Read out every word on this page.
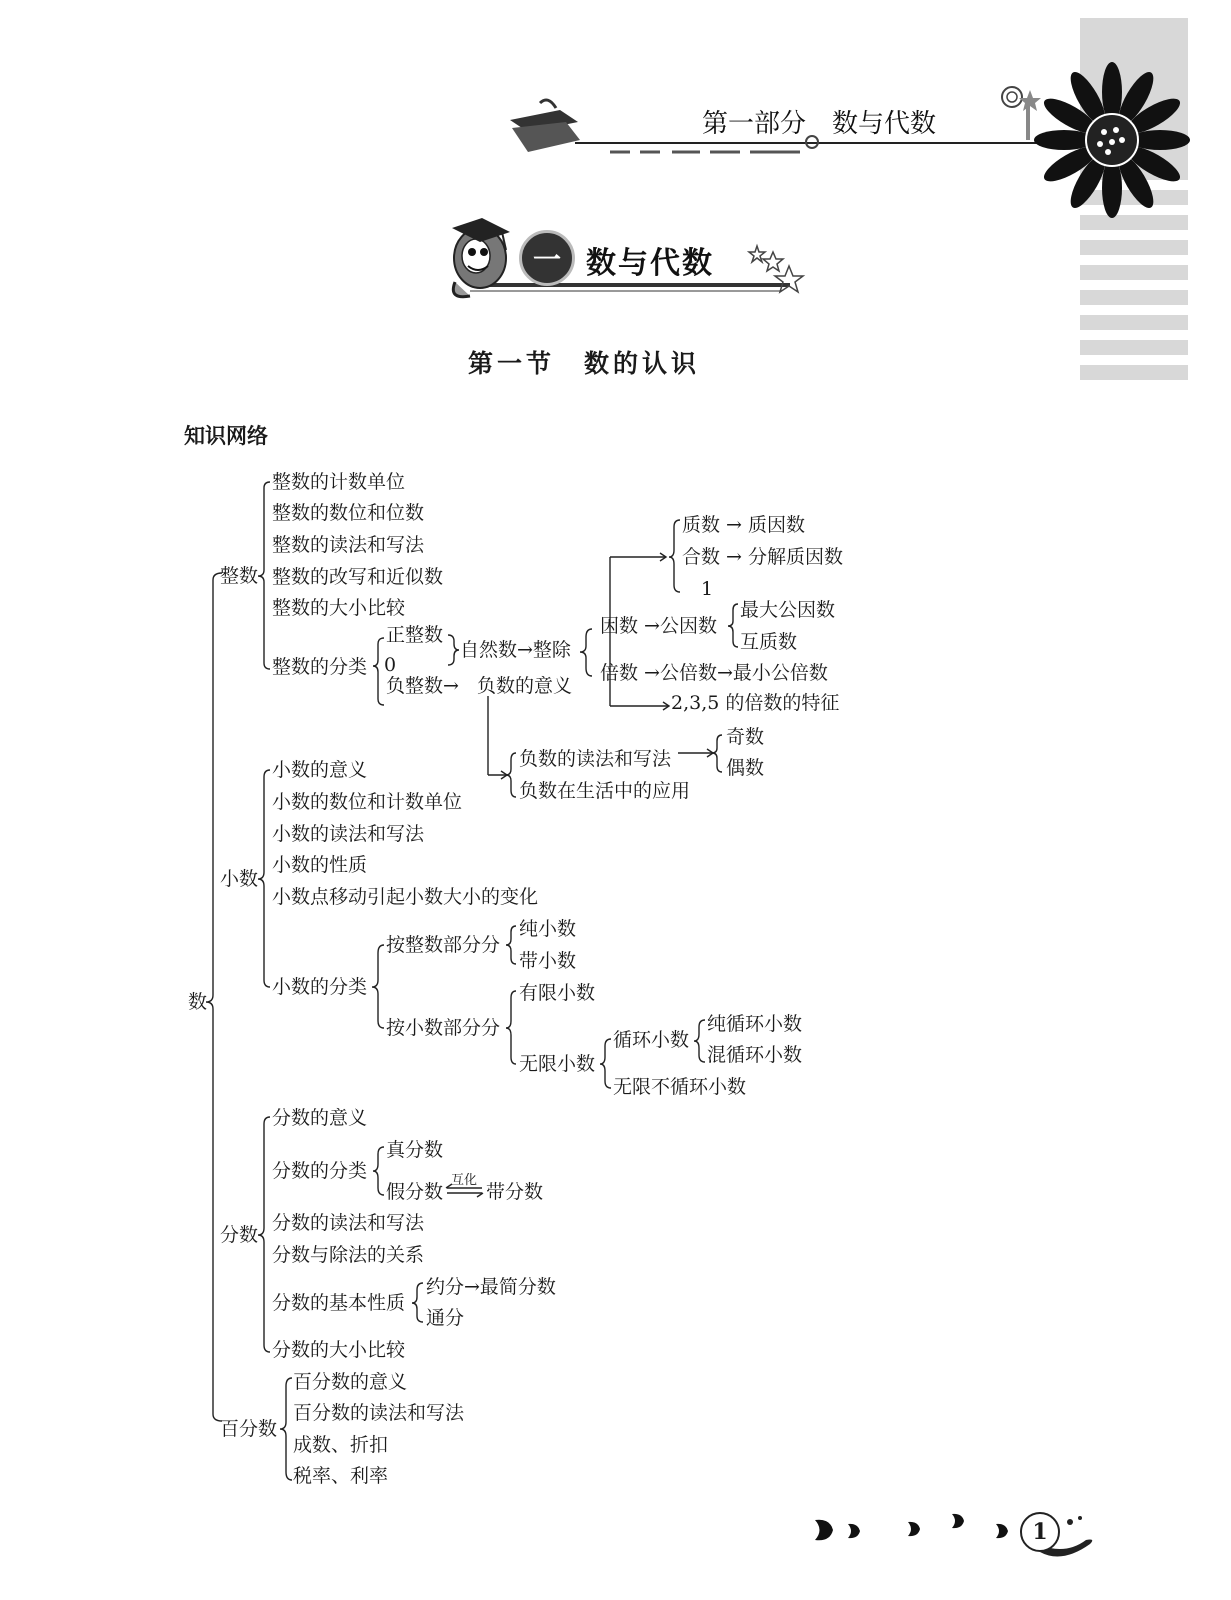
第一部分　数与代数
一 数与代数
第一节　数的认识
知识网络
数
整数
整数的计数单位
整数的数位和位数
整数的读法和写法
整数的改写和近似数
整数的大小比较
整数的分类
正整数
0
负整数→
自然数→整除
负数的意义
质数 → 质因数
合数 → 分解质因数
1
因数 →公因数
最大公因数
互质数
倍数 →公倍数→最小公倍数
2,3,5 的倍数的特征
奇数
偶数
负数的读法和写法
负数在生活中的应用
小数
小数的意义
小数的数位和计数单位
小数的读法和写法
小数的性质
小数点移动引起小数大小的变化
小数的分类
按整数部分分
纯小数
带小数
按小数部分分
有限小数
无限小数
循环小数
纯循环小数
混循环小数
无限不循环小数
分数
分数的意义
分数的分类
真分数
假分数
互化
带分数
分数的读法和写法
分数与除法的关系
分数的基本性质
约分→最简分数
通分
分数的大小比较
百分数
百分数的意义
百分数的读法和写法
成数、折扣
税率、利率
1
